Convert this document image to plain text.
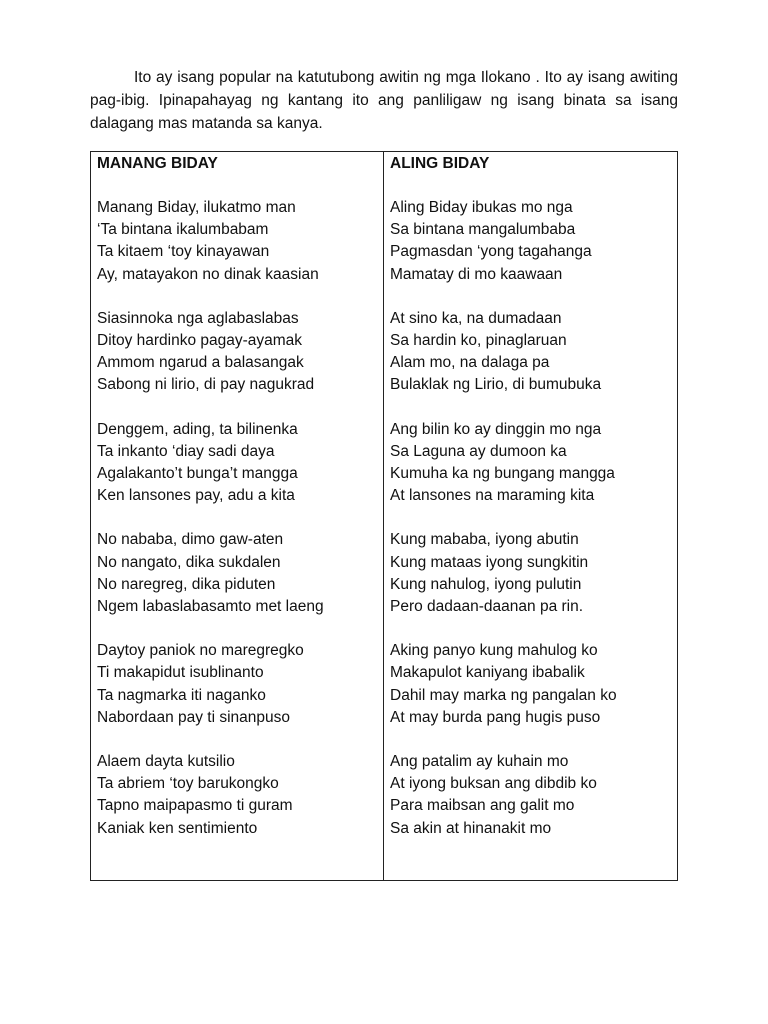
Ito ay isang popular na katutubong awitin ng mga Ilokano . Ito ay isang awiting pag-ibig. Ipinapahayag ng kantang ito ang panliligaw ng isang binata sa isang dalagang mas matanda sa kanya.

MANANG BIDAY
Manang Biday, ilukatmo man
‘Ta bintana ikalumbabam
Ta kitaem ‘toy kinayawan
Ay, matayakon no dinak kaasian
Siasinnoka nga aglabaslabas
Ditoy hardinko pagay-ayamak
Ammom ngarud a balasangak
Sabong ni lirio, di pay nagukrad
Denggem, ading, ta bilinenka
Ta inkanto ‘diay sadi daya
Agalakanto’t bunga’t mangga
Ken lansones pay, adu a kita
No nababa, dimo gaw-aten
No nangato, dika sukdalen
No naregreg, dika piduten
Ngem labaslabasamto met laeng
Daytoy paniok no maregregko
Ti makapidut isublinanto
Ta nagmarka iti naganko
Nabordaan pay ti sinanpuso
Alaem dayta kutsilio
Ta abriem ‘toy barukongko
Tapno maipapasmo ti guram
Kaniak ken sentimiento
ALING BIDAY
Aling Biday ibukas mo nga
Sa bintana mangalumbaba
Pagmasdan ‘yong tagahanga
Mamatay di mo kaawaan
At sino ka, na dumadaan
Sa hardin ko, pinaglaruan
Alam mo, na dalaga pa
Bulaklak ng Lirio, di bumubuka
Ang bilin ko ay dinggin mo nga
Sa Laguna ay dumoon ka
Kumuha ka ng bungang mangga
At lansones na maraming kita
Kung mababa, iyong abutin
Kung mataas iyong sungkitin
Kung nahulog, iyong pulutin
Pero dadaan-daanan pa rin.
Aking panyo kung mahulog ko
Makapulot kaniyang ibabalik
Dahil may marka ng pangalan ko
At may burda pang hugis puso
Ang patalim ay kuhain mo
At iyong buksan ang dibdib ko
Para maibsan ang galit mo
Sa akin at hinanakit mo
